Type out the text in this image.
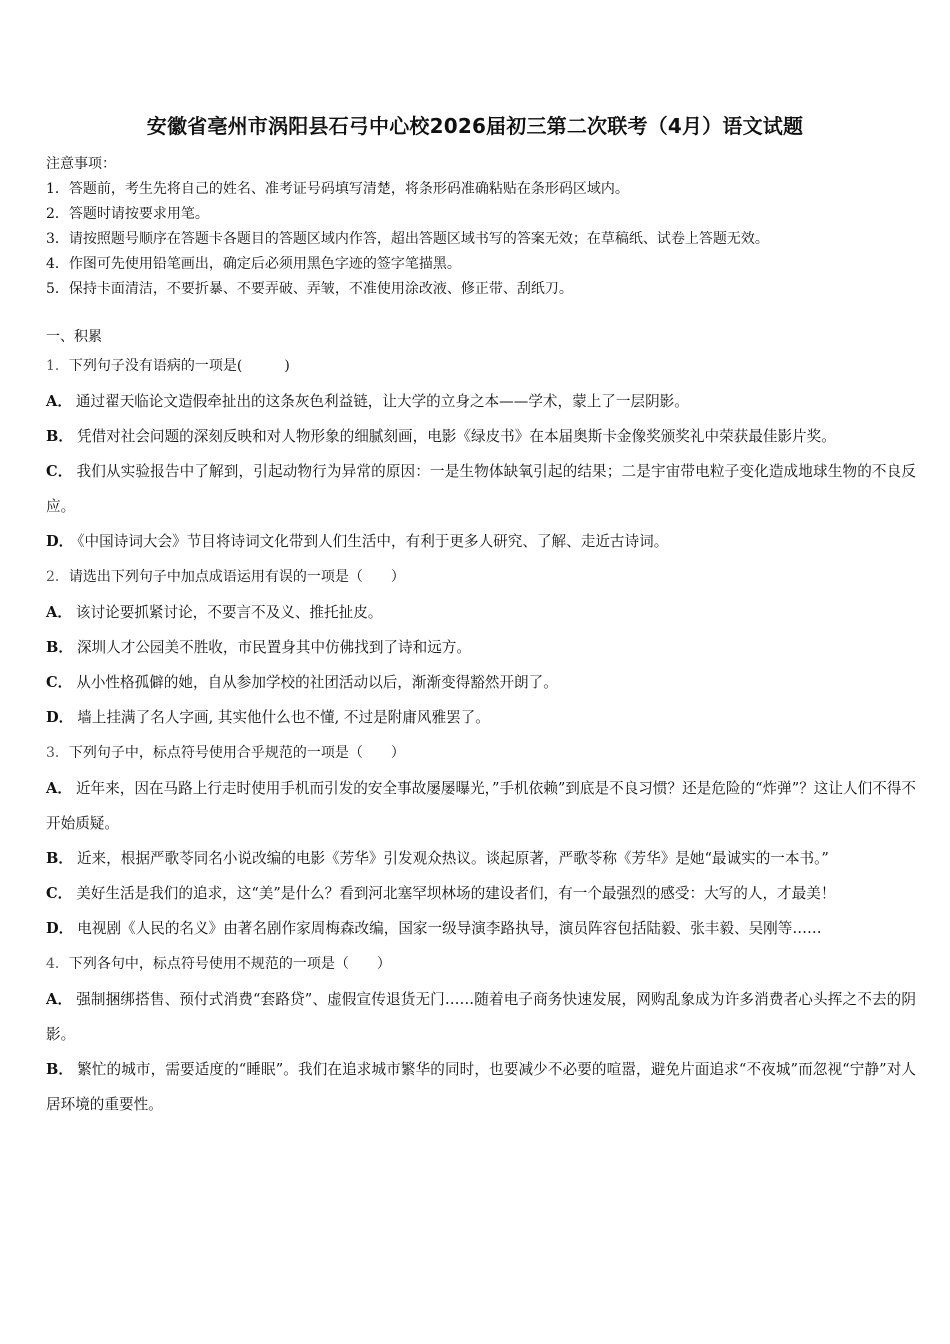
安徽省亳州市涡阳县石弓中心校2026届初三第二次联考（4月）语文试题
注意事项：
1．答题前，考生先将自己的姓名、准考证号码填写清楚，将条形码准确粘贴在条形码区域内。
2．答题时请按要求用笔。
3．请按照题号顺序在答题卡各题目的答题区域内作答，超出答题区域书写的答案无效；在草稿纸、试卷上答题无效。
4．作图可先使用铅笔画出，确定后必须用黑色字迹的签字笔描黑。
5．保持卡面清洁，不要折暴、不要弄破、弄皱，不准使用涂改液、修正带、刮纸刀。
一、积累
1．下列句子没有语病的一项是(　　　)
A． 通过翟天临论文造假牵扯出的这条灰色利益链，让大学的立身之本——学术，蒙上了一层阴影。
B． 凭借对社会问题的深刻反映和对人物形象的细腻刻画，电影《绿皮书》在本届奥斯卡金像奖颁奖礼中荣获最佳影片奖。
C． 我们从实验报告中了解到，引起动物行为异常的原因：一是生物体缺氧引起的结果；二是宇宙带电粒子变化造成地球生物的不良反应。
D． 《中国诗词大会》节目将诗词文化带到人们生活中，有利于更多人研究、了解、走近古诗词。
2．请选出下列句子中加点成语运用有误的一项是（　　）
A． 该讨论要抓紧讨论，不要言不及义、推托扯皮。
B． 深圳人才公园美不胜收，市民置身其中仿佛找到了诗和远方。
C． 从小性格孤僻的她，自从参加学校的社团活动以后，渐渐变得豁然开朗了。
D． 墙上挂满了名人字画, 其实他什么也不懂, 不过是附庸风雅罢了。
3．下列句子中，标点符号使用合乎规范的一项是（　　）
A． 近年来，因在马路上行走时使用手机而引发的安全事故屡屡曝光，”手机依赖”到底是不良习惯？还是危险的“炸弹”？这让人们不得不开始质疑。
B． 近来，根据严歌苓同名小说改编的电影《芳华》引发观众热议。谈起原著，严歌苓称《芳华》是她“最诚实的一本书。”
C． 美好生活是我们的追求，这“美”是什么？看到河北塞罕坝林场的建设者们，有一个最强烈的感受：大写的人，才最美！
D． 电视剧《人民的名义》由著名剧作家周梅森改编，国家一级导演李路执导，演员阵容包括陆毅、张丰毅、吴刚等……
4．下列各句中，标点符号使用不规范的一项是（　　）
A． 强制捆绑搭售、预付式消费“套路贷”、虚假宣传退货无门……随着电子商务快速发展，网购乱象成为许多消费者心头挥之不去的阴影。
B． 繁忙的城市，需要适度的“睡眠”。我们在追求城市繁华的同时，也要减少不必要的喧嚣，避免片面追求“不夜城”而忽视“宁静”对人居环境的重要性。
